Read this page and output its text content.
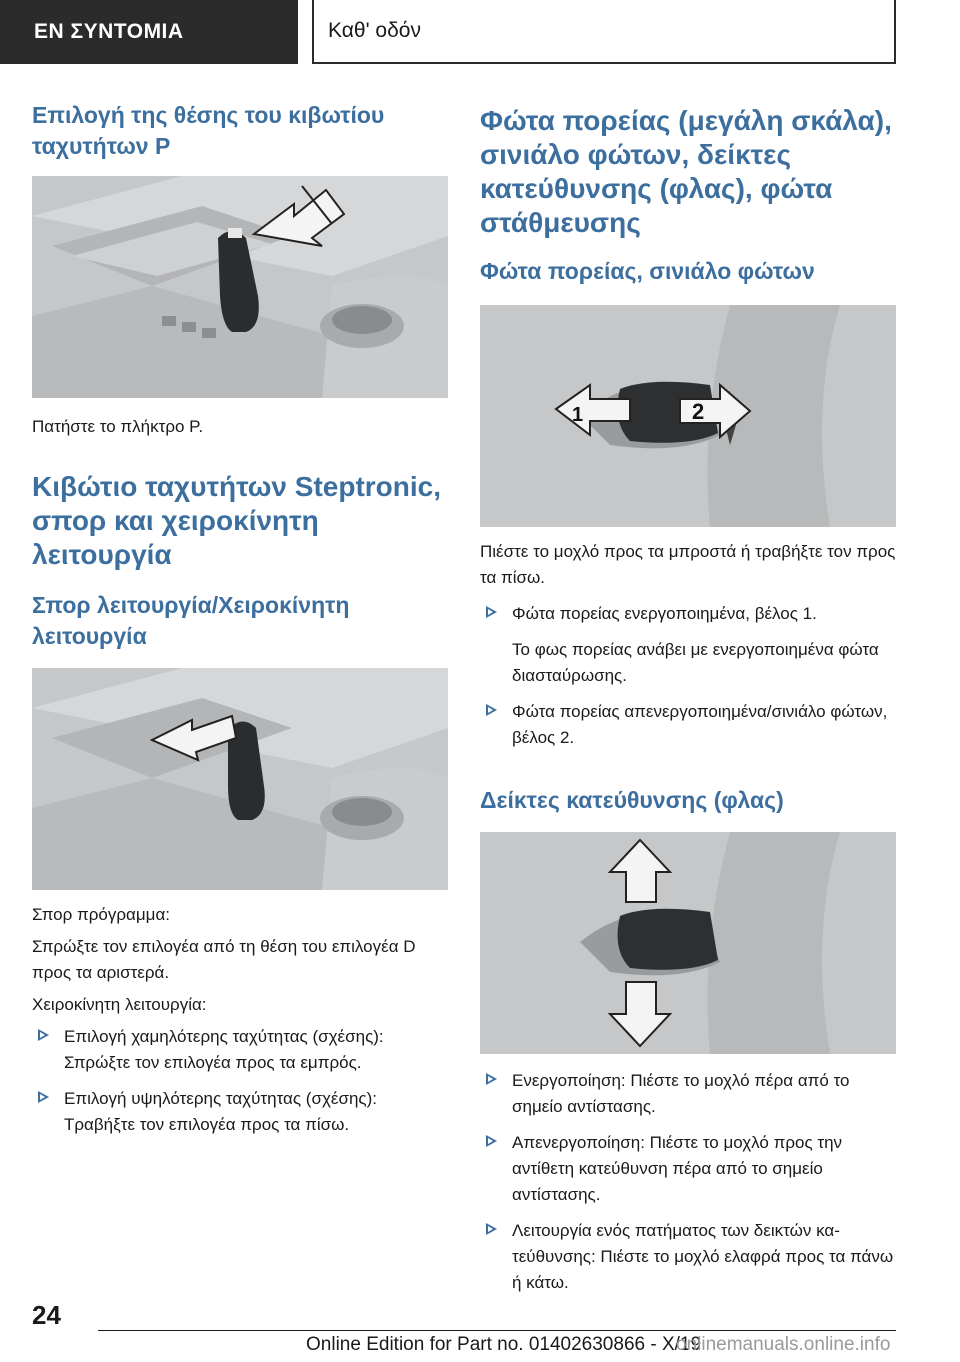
ΕΝ ΣΥΝΤΟΜΙΑ	Καθ' οδόν
Επιλογή της θέσης του κιβωτίου ταχυτήτων P

Πατήστε το πλήκτρο P.

Κιβώτιο ταχυτήτων Steptronic, σπορ και χειροκίνητη λειτουργία
Σπορ λειτουργία/Χειροκίνητη λειτουργία

Σπορ πρόγραμμα:

Σπρώξτε τον επιλογέα από τη θέση του επιλογέα D προς τα αριστερά.

Χειροκίνητη λειτουργία:

Επιλογή χαμηλότερης ταχύτητας (σχέσης): Σπρώξτε τον επιλογέα προς τα εμπρός.
Επιλογή υψηλότερης ταχύτητας (σχέσης): Τραβήξτε τον επιλογέα προς τα πίσω.
Φώτα πορείας (μεγάλη σκάλα), σινιάλο φώτων, δείκτες κατεύθυνσης (φλας), φώτα στάθμευσης
Φώτα πορείας, σινιάλο φώτων
1	2

Πιέστε το μοχλό προς τα μπροστά ή τραβήξτε τον προς τα πίσω.

Φώτα πορείας ενεργοποιημένα, βέλος 1.

Το φως πορείας ανάβει με ενεργοποιημένα φώτα διασταύρωσης.

Φώτα πορείας απενεργοποιημένα/σινιάλο φώτων, βέλος 2.
Δείκτες κατεύθυνσης (φλας)
Ενεργοποίηση: Πιέστε το μοχλό πέρα από το σημείο αντίστασης.
Απενεργοποίηση: Πιέστε το μοχλό προς την αντίθετη κατεύθυνση πέρα από το σημείο αντίστασης.
Λειτουργία ενός πατήματος των δεικτών κατεύθυνσης: Πιέστε το μοχλό ελαφρά προς τα πάνω ή κάτω.
24
Online Edition for Part no. 01402630866 - X/19
onlinemanuals.online.info
